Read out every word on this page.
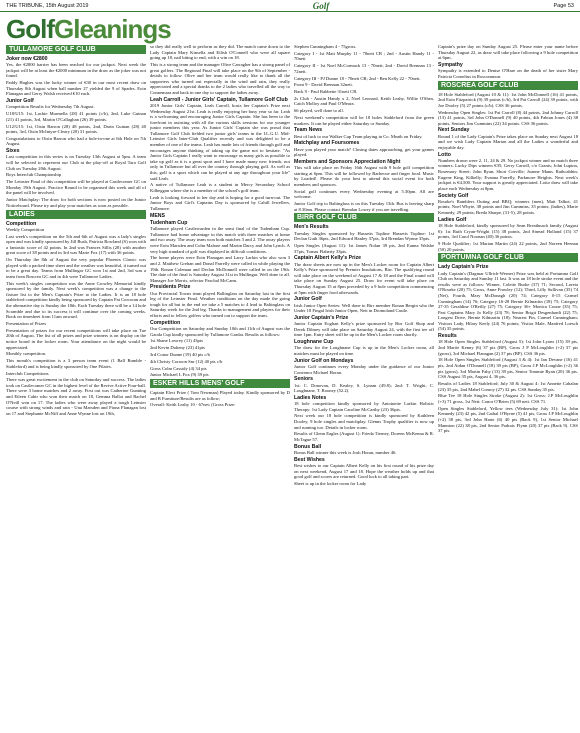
THE TRIBUNE, 15th August 2019	Golf	Page 53
Golf Gleanings
TULLAMORE GOLF CLUB
Joker now €2800
Yes, the €2800 barrier has been reached for our jackpot. Next week the jackpot will be at least the €2000 minimum in the draw as the joker was not found.
Paddy Hughes was the lucky winner of €30 in our most recent draw on Thursday 8th August when ball number 27 yielded the 9 of Spades. Eoin Flanagan and Gerry Walsh received €10 each.
Junior Golf
Competition Results for Wednesday 7th August.
U18/U15: 1st, Lachie Murmella (28) 41 points (c/b), 2nd, Luke Guinan (21) 41 points, 3rd, Martin O'Callaghan (26) 39 points.
U12/U15: 1st, Oisin Barron (28) 48 points, 2nd, Darin Guinan (28) 40 points, 3rd, Oisin McIntyre-Cleary (20) 31 points.
Congratulations to Oisin Barron who had a hole-in-one at 6th Hole on 7th August.
Sixes
Last competition in this series is on Tuesday 13th August at 5pm. A team will be selected to represent our Club at the play-off at Royal Tara Golf Club on Tuesday 20th August.
Boys Interclub Championship
The Leinster Final of this competition will be played at Castlecomer GC on Monday 19th August. Practice Round to be organised this week and all of the panel will be involved.
Junior Matchplay: The draw for both sections is now posted on the Junior Noticeboard. Please try and play your matches as soon as possible.
LADIES
Competition
Weekly Competition
Last week's competition on the 5th and 6th of August was a lady's singles open and was kindly sponsored by Jill Bush, Patricia Rowland (S) won with a fantastic score of 42 points. In 2nd was Frances Sillis (28) with another great score of 38 points and in 3rd was Marie Fox (17) with 36 points.
On Thursday the 8th of August the very popular Phoenix Classic was played with a packed time sheet and the weather was beautiful, it turned out to be a great day. Teams from Mullingar GC won 1st and 2nd, 3rd was a team from Roscrea GC and in 4th were Tullamore Ladies.
This week's singles competition was the Anne Crowley Memorial kindly sponsored by the family. Next week's competition was a change to the fixture list to the Men's Captain's Prize to the Ladies. It is an 18 hole stableford competition kindly being sponsored by Captain Pat Corcoran and the alternative day is Sunday the 18th. Each Tuesday there will be a 14 hole Scramble and due to its success it will continue over the coming weeks. Book on timesheet from 11am onward.
Presentation of Prizes
Presentation of prizes for our recent competitions will take place on Tue 20th of August. The list of all prizes and prize winners is on display on the notice board in the locker room. Your attendance on the night would be appreciated.
Monthly competition.
This month's competition is a 3 person team event (1 Ball Rumble - Stableford) and is being kindly sponsored by One Pilates.
Interclub Competitions
There was great excitement in the club on Saturday and success. The ladies took on Castlecomer GC in the highest level of the Revive Active Four-ball. There were 3 home matches and 2 away. First out was Catherine Gunning and Eileen Cahir who won their match on 18, Gemma Ballot and Rachel O'Neill won on 17. The ladies who were away played a tough Leinster course with strong winds and rain - Una Marsden and Fiona Flanagan lost on 17 and Stephanie McNiff and Anne Wynne lost on 19th,
so they did really well to perform as they did. The match came down to the Lady Captain Mary Kinsella and Eilish O'Connell who were all square going up 18, nail biting to end, with a win on 18.
This is a strong team and the manager Olive Carragher has a strong panel of great golfers. The Regional Final will take place on the 9th of September - details to follow. Olive and her team would really like to thank all the supporters who turned out especially in the wind and rain, they really appreciated and a special thanks to the 2 ladies who travelled all the way to Connemara and back in one day to support the ladies away.
Leah Carroll - Junior Girls' Captain, Tullamore Golf Club
2019 Junior Girls' Captain, Leah Carroll, hosts her Captain's Prize next Wednesday August 21st. Leah is really enjoying her busy year so far. Leah is a welcoming and encouraging Junior Girls Captain. She has been to the forefront in assisting with all the various skills sessions for our younger junior members this year. As Junior Girls' Captain she was proud that Tullamore Golf Club fielded two junior girls' teams in the I.L.G.U. Mid-Leinster Girls Inter-Club Qualifier recently and was delighted to be a member of one of the teams. Leah has made lots of friends through golf and encourages anyone thinking of taking up the game not to hesitate. "As Junior Girls Captain I really want to encourage as many girls as possible to take up golf as it is a great sport and I have made many new friends, not only in Tullamore but all over the country through playing golf. As well as this, golf is a sport which can be played at any age throughout your life" said Leah.
A native of Tullamore Leah is a student in Mercy Secondary School Kilbeggan where she is a member of the school's golf team.
Leah is looking forward to her day and is hoping for a good turn-out. The Junior Boys and Girl's Captains Day is sponsored by Cahill Jewellers, Tullamore.
MENS
Tudenham Cup
Tullamore played Castlewarden in the semi final of the Tudenham Cup. Tullamore had home advantage in this match with three matches at home and two away. The away team won both matches 3 and 2. The away players were Eoin Marsden and Colm Malone and Martin Darcy and John Lynch. A very high standard of golf was displayed in difficult conditions.
The home players were Eoin Flanagan and Larry Larkin who also won 3 and 2. Matthew Grehan and Donal Farrelly were called in while playing the 19th. Ronan Coleman and Declan McDonnell were called in on the 19th. The date of the final is Saturday August 31st in Mullingar. Well done to all. Manager Joe Morris, selector Paschal McCann.
Presidents Prize
Our Provincial Towns team played Ballinglass on Saturday last in the first leg of the Leinster Final. Weather conditions on the day made the going tough for all but in the end we take a 5 matches to 4 lead to Baltinglass on Saturday week for the 2nd leg. Thanks to management and players for their efforts and to fellow golfers who turned out to support the team.
Competition
Our Competition on Saturday and Sunday 10th and 11th of August was the Gaoda Cup kindly sponsored by Tullamore Gardai. Results as follows:
1st Shane Lowrey (11) 43pts
2nd Kevin Doheny (23) 41pts
3rd Conor Dunne (19) 40 pts c/b
4th Christy Corroon Snr (12) 40 pts c/b
Gross Colm Cassidy (4) 34 pts
Junior Michael L Fox (9) 39 pts
ESKER HILLS MENS' GOLF
Captain Elect Prize ( Tom Newman) Played today. Kindly sponsored by D and B Furniture/Results are as follow;
Overall: Keith Leahy 10 - 67net; (Gross Prize:
Stephen Cunningham 4 - 75gross.
Category I - 1st Matt Murphy 11 - 70nett CB ; 2nd - Austin Handy 11 - 70nett
Category II - 1st Noel McCormack 13 - 70nett; 2nd - David Brennan 13 - 72nett.
Category III - PJ Dunne 18 - 70nett CB; 2nd - Ben Kelly 22 - 70nett.
Front 9 - David Brennan 32nett.
Back 9 - Paul Rabbette 31nett CB.
2s Club - Austin Handy x 2, Noel Leonard, Keith Leahy, Willie O'Shea, Catch Molloy and Paul O'Meara.
66 played, well done to all.
Next weekend's competition will be 18 holes Stableford from the green markers. It can be played either Saturday or Sunday.
Team News
Best of luck to our Walker Cup Team playing in Co. Meath on Friday.
Matchplay and Foursomes
Have you played your match? Closing dates approaching, get your games played.
Members and Sponsors Appreciation Night
This will take place on Friday 16th August with 9 hole golf competition starting at 6pm. This will be followed by Barbecue and finger food. Music by Loaded!. Please do your best to attend this social event for both members and sponsors.
Social golf continues every Wednesday evening at 5.30pm. All are welcome.
Junior Golf trip to Baltinglass is on this Tuesday 13th. Bus is leaving sharp at 8.30am. Please contact Brendan Lowry if you are travelling.
BIRR GOLF CLUB
Men's Results
Tuesday Singles sponsored by Hassetts Topline Hassetts Topline: 1st Declan Guth 36pts, 2nd Edward Hanley 37pts, 3rd Brendan Wynne 35pts.
Open Singles (August 11): 1st James Nolan 39 pts, 2nd Eanna Walshe 37pts, Tomas Flaherty 33pts.
Captain Albert Kelly's Prize
The draw sheets are now up in the Men's Locker room for Captain Albert Kelly's Prize sponsored by Premier Insulations, Birr. The qualifying round will take place on the weekend of August 17 & 18 and the Final round will take place on Sunday August 25. Draw for event will take place on Thursday August 15 at 8pm preceded by a 9 hole competition commencing at 5pm with finger food afterwards.
Junior Golf
Irish Junior Open Series: Well done to Birr member Ronan Bergin who the Under 18 Fingal Irish Junior Open, Nett in Dromoland Castle.
Junior Captain's Prize
Junior Captain Eoghan Kelly's prize sponsored by Birr Golf Shop and Derek Dilmey will take place on Saturday August 24, with the first tee off time 1pm. Entry sheet will be up in the Men's Locker room shortly.
Loughnane Cup
The draw for the Loughnane Cup is up in the Men's Locker room, all matches must be played on time.
Junior Golf on Mondays
Junior Golf continues every Monday under the guidance of our Junior Convenor Michael Horan.
Seniors
1st: C. Donovan, D. Kealey, S. Lynam (49.8); 2nd: T. Wright, C. Loughnane, T. Rooney (52.2).
Ladies Notes
18 hole competition kindly sponsored by Antoinette Larkin Holistic Therapy: 1st Lady Captain Caroline McCarthy (23) 36pts.
Next week our 18 hole competition is kindly sponsored by Kathleen Dooley, 9 hole singles and matchplay. Glenns Trophy qualifier is now up and running too. Details in locker room.
Results of Glenn Eagles (August 1): Frieda Tierney, Doreen McKenna & R. McTague 57.
Bonus Ball
Bonus Ball winner this week is Josh Horan, number 46.
Best Wishes
Best wishes to our Captain Albert Kelly on his first round of his prize day on next weekend, August 17 and 18. Hope the weather holds up and that good golf and scores are returned. Good luck to all taking part.
Sheet is up in the locker room for Lady
Captain's prize day on Sunday August 25. Please enter your name before Thursday August 22, as draw will take place following a 9 hole competition at 6pm.
Sympathy
Sympathy is extended to Denise O'Hare on the death of her sister Mary Patricia Cornelius in Roscommon.
ROSCREA GOLF CLUB
18 Hole Stableford (August 10 & 11): 1st John McDonnell (16) 41 points, 2nd Eoin Fitzpatrick (9) 39 points (c/b), 3rd Pat Carroll (24) 39 points, with Joe Dooley (5) 27 points (c/b). CSS 36 points.
Wednesday Open Singles: 1st Pat Carroll (8) 44 points, 2nd Johnny Carroll (13) 41 points, 3rd John O'Donnell (9) 40 points, 4th Fabian Jones (4) 38 points, Seniors Jim Cummins (22) 34 points. CSS 36 points.
Next Sunday
Round 1 of the Lady Captain's Prize takes place on Sunday next August 18 and we wish Lady Captain Marian and all the Ladies a wonderful and enjoyable day.
Lotto
Numbers drawn were 2, 11, 24 & 29. No jackpot winner and no match three winners. Lucky Dips winners €35; Gerry Carroll, c/o Grants; John Lupton, Rosemary Street; John Ryan, Short Corville; Joanne Mann, Rathcabbin; Eugene King, Kilkelly; Evanna Farrelly, Parkmore Heights. Next week's jackpot is €4,500. Your support is greatly appreciated. Lotto draw will take place each Wednesday at 8pm.
Society Golf
Rourke's Ramblers Outing and BBQ; winners (men), Matt Talbot, 41 points; Noel Whyte, 38 points and Jim Cummins, 35 points; (ladies), Marie Kennedy, 29 points; Breda Sharpe, (31-5), 28 points.
Ladies Golf
18 Hole Stableford, kindly sponsored by Sean Breathnach family (August 6): 1st Ruth Cryan-Wright (15) 38 points, 2nd Sinead Holland (15) 37 points, 3rd Carol Noonan (40) 36 points.
9 Hole Qualifier; 1st Marian Martin (24) 22 points, 2nd Noreen Heenan (50) 20 points.
PORTUMNA GOLF CLUB
Lady Captain's Prize
Lady Captain's (Dagmar Ullrich-Werner) Prize was held at Portumna Golf Club on Saturday and Sunday 11 last. It was an 18 hole stroke event and the results were as follows: Winner, Colette Burke (37) 71; Second, Loreta O'Rourke (20) 75; Gross, Anne Frawley (12); Third, Lilly Sullivan (35) 74 (Net), Fourth, Mary McDonagh (20) 74; Category 0-15 Carmel Cunningham (14) 76; Category 16-28 Bernie Kilmartin (18) 75; Category 27-35 Geraldine O'Reilly (27) 75; Category 36+ Monica Coone (35) 75; Past Captains Mary Jo Kelly (23) 78; Senior Brigit Desgenhardt (22) 75; Longest Drive, Bernie Kilmartin (18); Nearest Pin, Carmel Cunningham; Visitors Lady, Hilary Keely (24) 76 points; Visitor Male, Manfred Loesch (54) 35 points.
Results
18 Hole Open Singles Stableford (August 5): 1st John Lyons (15) 39 pts, 2nd Martie Kenny (6) 37 pts (BP), Gross J P McLoughlin (+2) 37 pts (gross), 3rd Michael Flanagan (2) 37 pts (BP). CSS 36 pts.
18 Hole Open Singles Stableford (August 3 & 4): 1st Ian Devane (16) 41 pts, 2nd Aidan O'Donnell (18) 39 pts (BP), Gross J.P McLoughlin (+2) 36 pts (gross), 3rd Martin Fahy (13) 39 pts, Senior Tommie Ryan (20) 36 pts. CSS August 35 pts, August 4, 36 pts.
Results of Ladies 18 Stableford; July 30 & August 4: 1st Annette Cahalan (23) 35 pts, 2nd Mabel Conroy (27) 32 pts. CSS Sunday 35 pts.
Blue Tee 18 Hole Singles Stroke (August 2): 1st Gross: J.P McLoughlin (+3) 71 gross, 1st Nett: Conor O'Brien (5) 69 nett. CSS 71.
Open Singles Stableford, Yellow tees (Wednesday July 31): 1st John Kennedy (23) 42 pts, 2nd Cathal O'Byrne (5) 41 pts, Gross J.P McLoughlin (+2) 38 pts, 3rd John Harte (6) 40 pts (Back 9), 1st Senior Michael Mannion (22) 38 pts, 2nd Senior Padraic Flynn (20) 37 pts (Back 9). CSS 37 pts.
